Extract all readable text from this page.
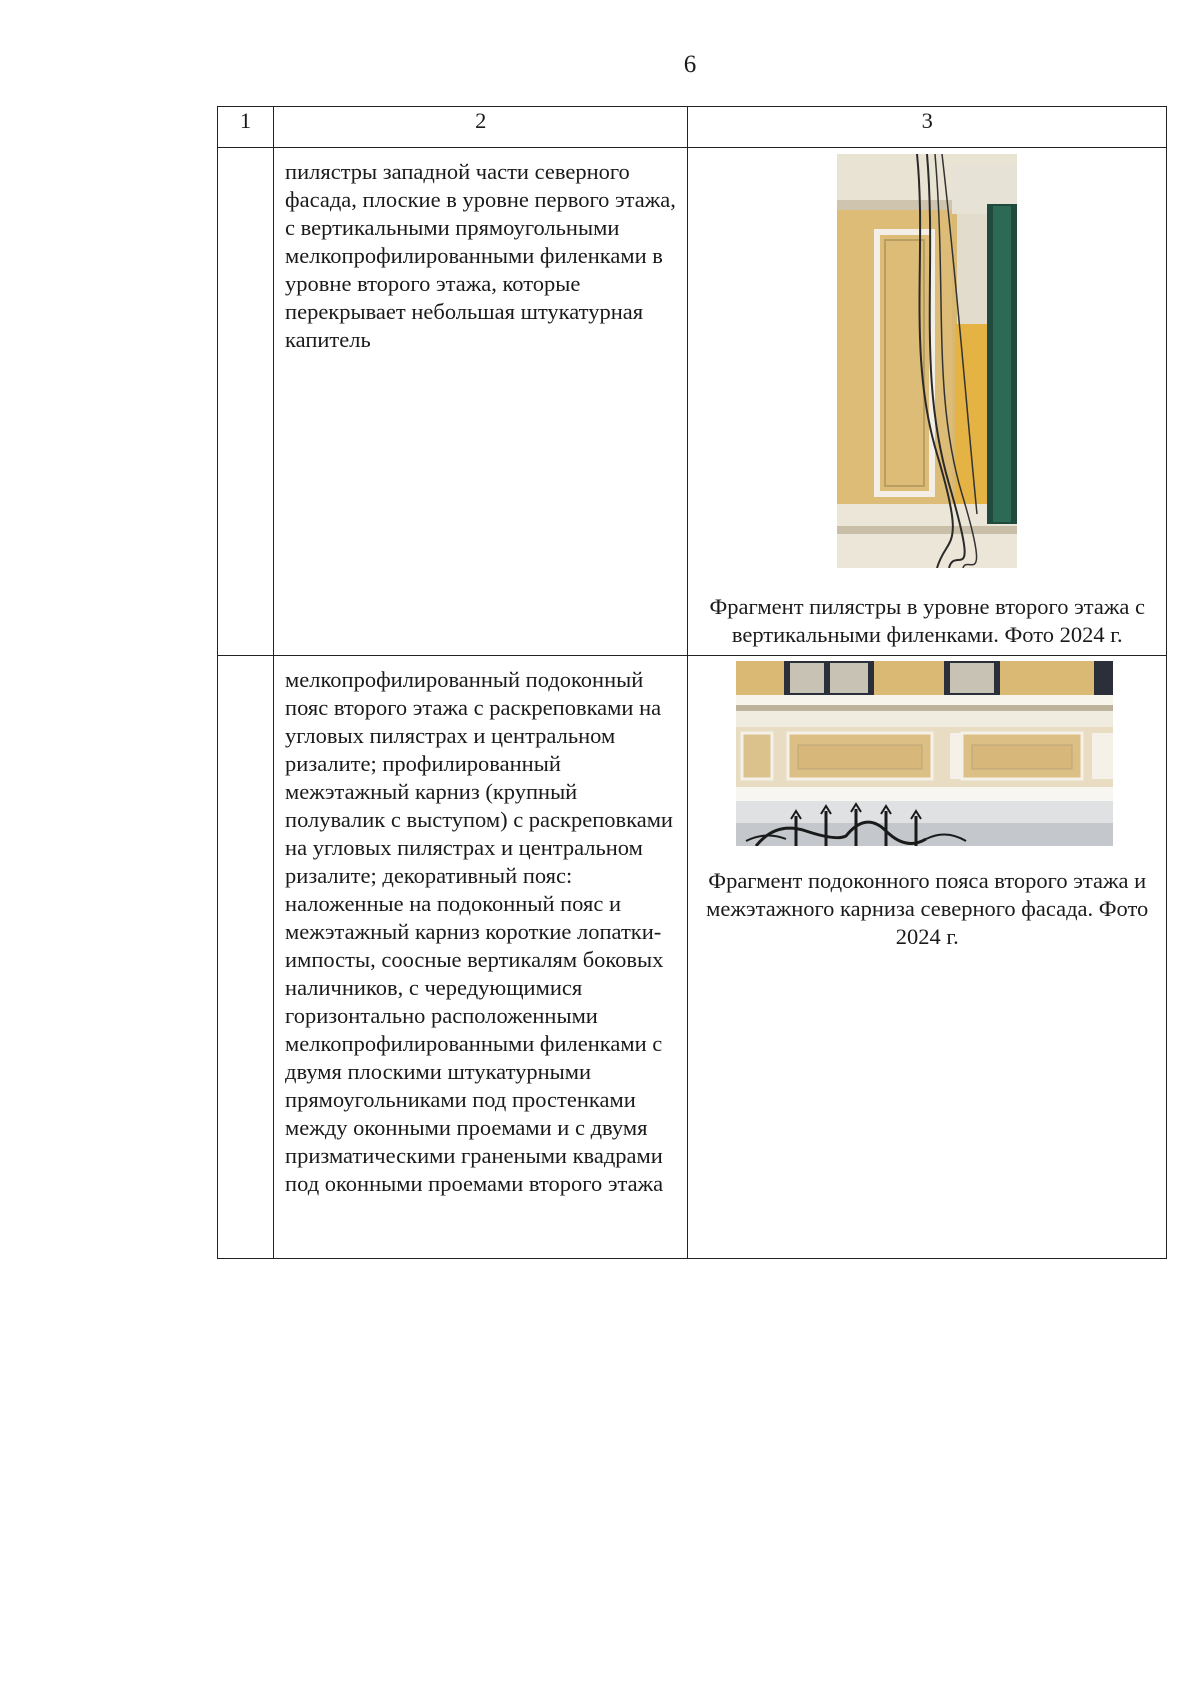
6
1	2	3
	пилястры западной части северного фасада, плоские в уровне первого этажа, с вертикальными прямоугольными мелкопрофилированными филенками в уровне второго этажа, которые перекрывает небольшая штукатурная капитель	Фрагмент пилястры в уровне второго этажа с вертикальными филенками. Фото 2024 г.

	мелкопрофилированный подоконный пояс второго этажа с раскреповками на угловых пилястрах и центральном ризалите; профилированный межэтажный карниз (крупный полувалик с выступом) с раскреповками на угловых пилястрах и центральном ризалите; декоративный пояс: наложенные на подоконный пояс и межэтажный карниз короткие лопатки-импосты, соосные вертикалям боковых наличников, с чередующимися горизонтально расположенными мелкопрофилированными филенками с двумя плоскими штукатурными прямоугольниками под простенками между оконными проемами и с двумя призматическими гранеными квадрами под оконными проемами второго этажа	Фрагмент подоконного пояса второго этажа и межэтажного карниза северного фасада. Фото 2024 г.
